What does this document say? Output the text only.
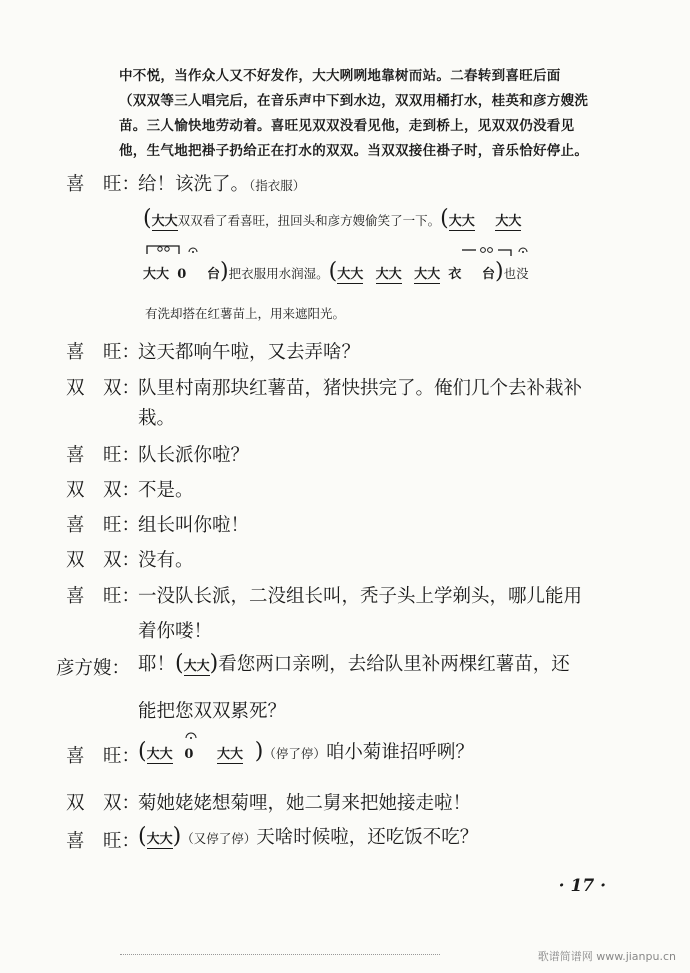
中不悦，当作众人又不好发作，大大咧咧地靠树而站。二春转到喜旺后面
（双双等三人唱完后，在音乐声中下到水边，双双用桶打水，桂英和彦方嫂洗
苗。三人愉快地劳动着。喜旺见双双没看见他，走到桥上，见双双仍没看见
他，生气地把褂子扔给正在打水的双双。当双双接住褂子时，音乐恰好停止。
喜　旺：
给！该洗了。（指衣服）
(大大双双看了看喜旺，扭回头和彦方嫂偷笑了一下。(大大 大大
大大 0 台)把衣服用水润湿。(大大 大大 大大 衣 台)也没
有洗却搭在红薯苗上，用来遮阳光。
喜　旺：
这天都响午啦，又去弄啥？
双　双：
队里村南那块红薯苗，猪快拱完了。俺们几个去补栽补
栽。
喜　旺：
队长派你啦？
双　双：
不是。
喜　旺：
组长叫你啦！
双　双：
没有。
喜　旺：
一没队长派，二没组长叫，秃子头上学剃头，哪儿能用
着你喽！
彦方嫂： 耶！(大大)看您两口亲咧，去给队里补两棵红薯苗，还
能把您双双累死？
喜　旺：
(大大 0 大大 )（停了停）咱小菊谁招呼咧？
双　双：
菊她姥姥想菊哩，她二舅来把她接走啦！
喜　旺：
(大大)（又停了停）天啥时候啦，还吃饭不吃？
· 17 ·
歌谱简谱网 www.jianpu.cn
